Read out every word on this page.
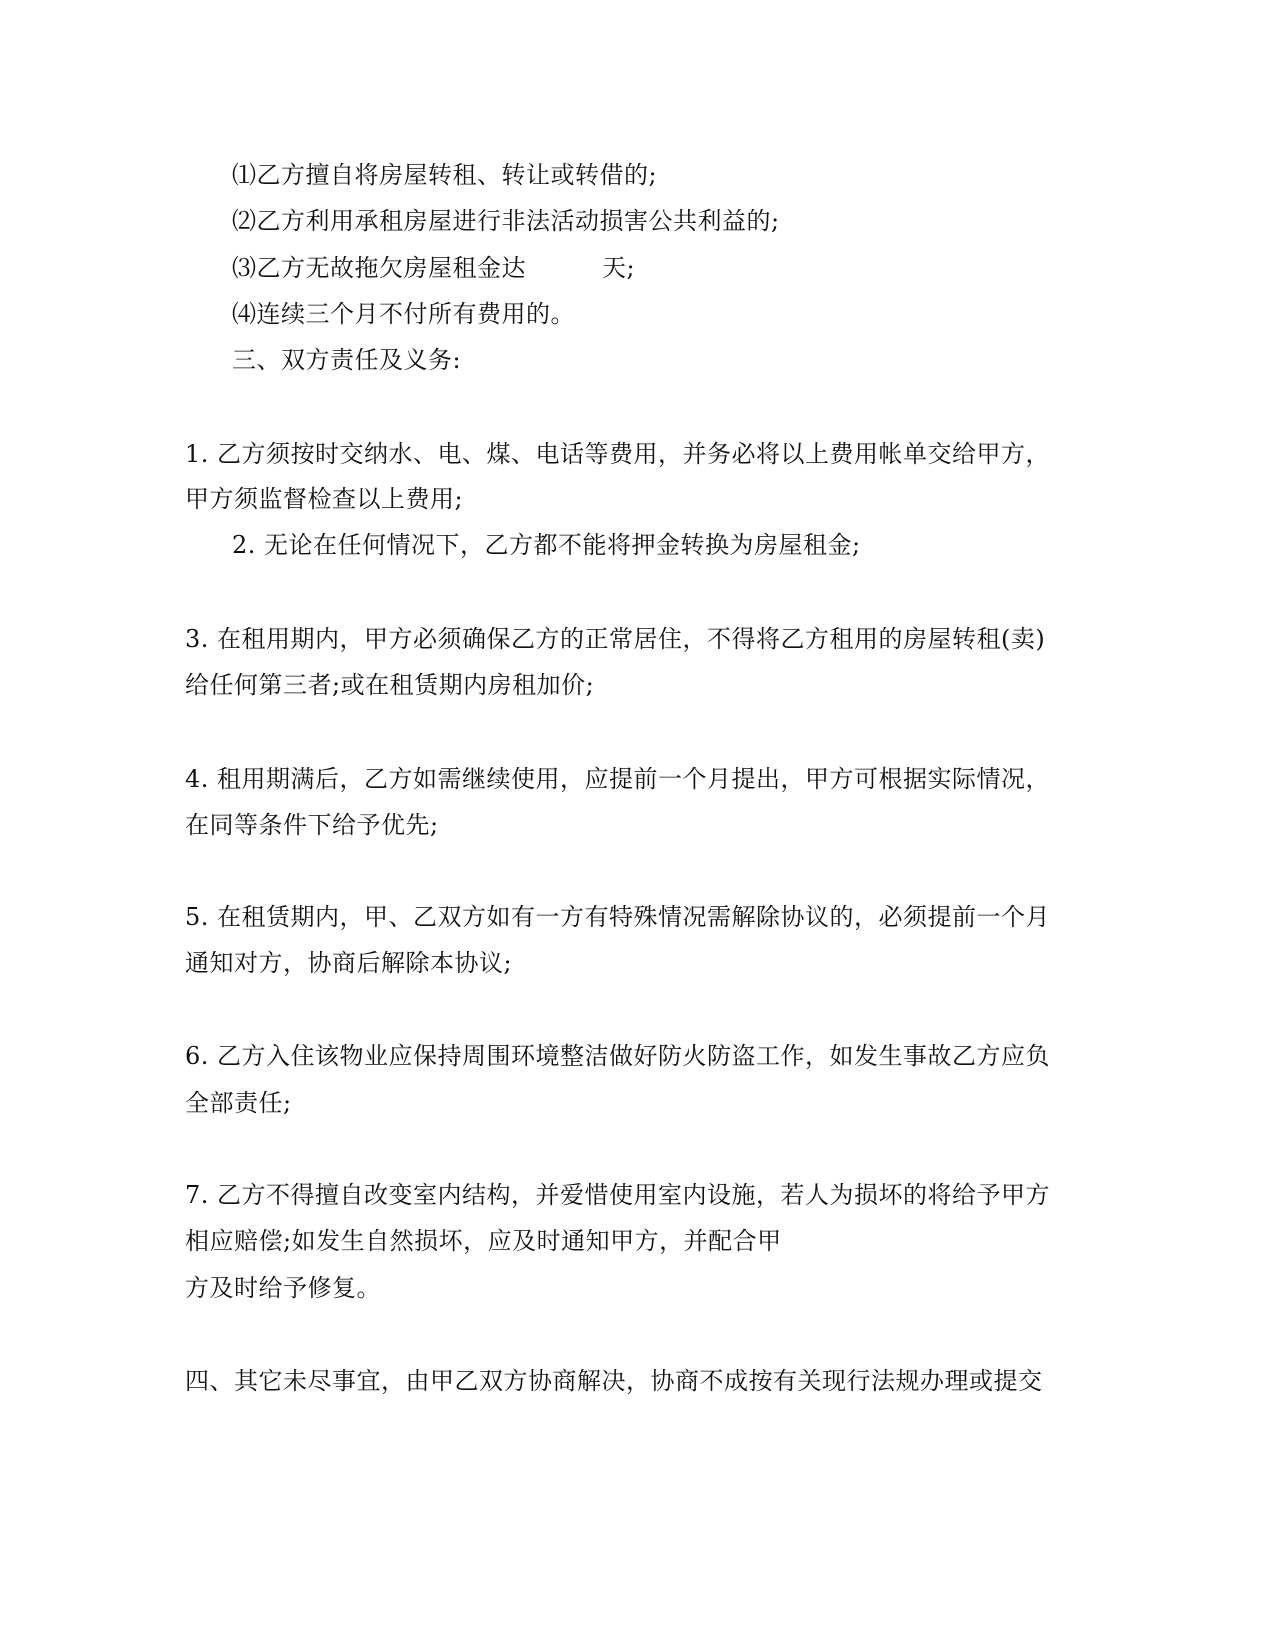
⑴乙方擅自将房屋转租、转让或转借的;
⑵乙方利用承租房屋进行非法活动损害公共利益的;
⑶乙方无故拖欠房屋租金达	天;
⑷连续三个月不付所有费用的。
三、双方责任及义务:
1. 乙方须按时交纳水、电、煤、电话等费用，并务必将以上费用帐单交给甲方，
甲方须监督检查以上费用;
2. 无论在任何情况下，乙方都不能将押金转换为房屋租金;
3. 在租用期内，甲方必须确保乙方的正常居住，不得将乙方租用的房屋转租(卖)
给任何第三者;或在租赁期内房租加价;
4. 租用期满后，乙方如需继续使用，应提前一个月提出，甲方可根据实际情况，
在同等条件下给予优先;
5. 在租赁期内，甲、乙双方如有一方有特殊情况需解除协议的，必须提前一个月
通知对方，协商后解除本协议;
6. 乙方入住该物业应保持周围环境整洁做好防火防盗工作，如发生事故乙方应负
全部责任;
7. 乙方不得擅自改变室内结构，并爱惜使用室内设施，若人为损坏的将给予甲方
相应赔偿;如发生自然损坏，应及时通知甲方，并配合甲
方及时给予修复。
四、其它未尽事宜，由甲乙双方协商解决，协商不成按有关现行法规办理或提交
